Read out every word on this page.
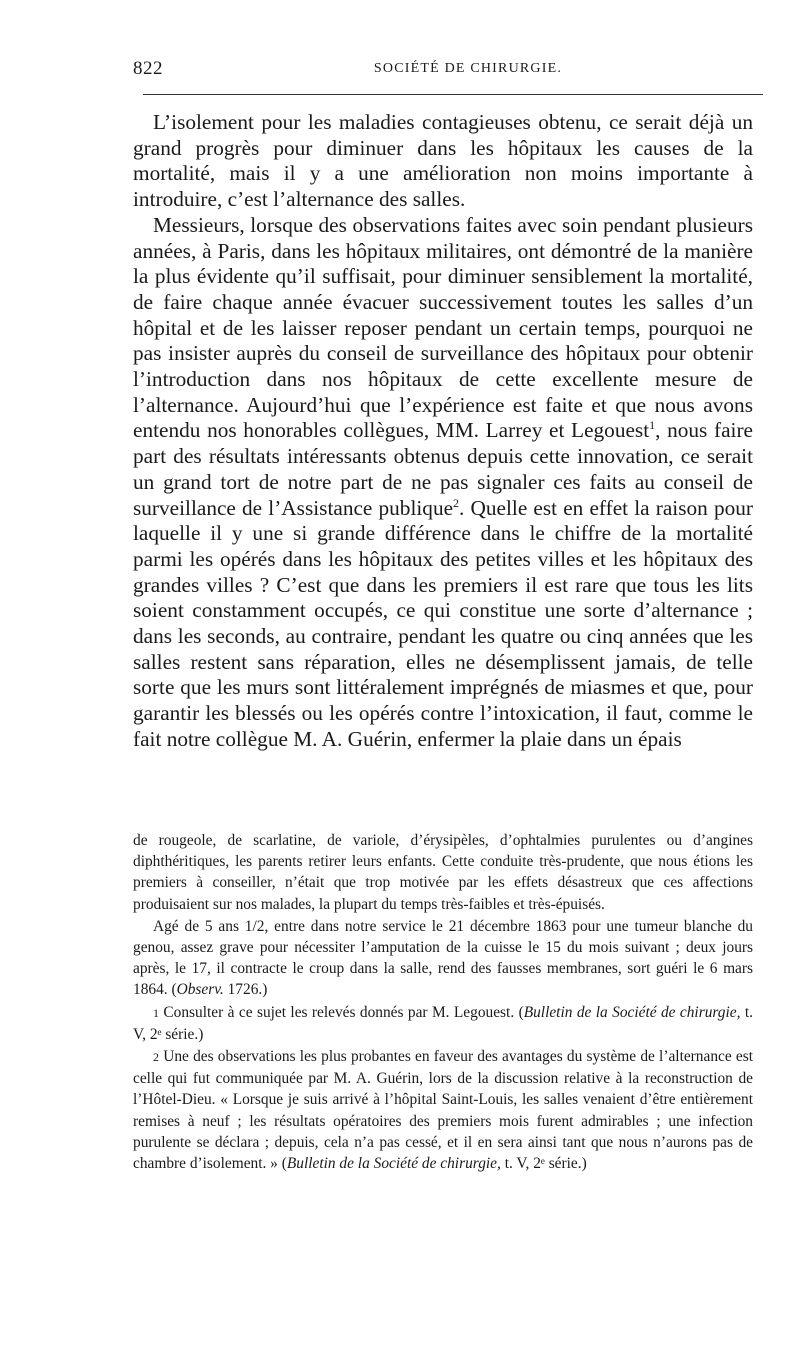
822	SOCIÉTÉ DE CHIRURGIE.

L’isolement pour les maladies contagieuses obtenu, ce serait déjà un grand progrès pour diminuer dans les hôpitaux les causes de la mortalité, mais il y a une amélioration non moins importante à introduire, c’est l’alternance des salles.

Messieurs, lorsque des observations faites avec soin pendant plusieurs années, à Paris, dans les hôpitaux militaires, ont démontré de la manière la plus évidente qu’il suffisait, pour diminuer sensiblement la mortalité, de faire chaque année évacuer successivement toutes les salles d’un hôpital et de les laisser reposer pendant un certain temps, pourquoi ne pas insister auprès du conseil de surveillance des hôpitaux pour obtenir l’introduction dans nos hôpitaux de cette excellente mesure de l’alternance. Aujourd’hui que l’expérience est faite et que nous avons entendu nos honorables collègues, MM. Larrey et Legouest$^1$, nous faire part des résultats intéressants obtenus depuis cette innovation, ce serait un grand tort de notre part de ne pas signaler ces faits au conseil de surveillance de l’Assistance publique$^2$. Quelle est en effet la raison pour laquelle il y une si grande différence dans le chiffre de la mortalité parmi les opérés dans les hôpitaux des petites villes et les hôpitaux des grandes villes ? C’est que dans les premiers il est rare que tous les lits soient constamment occupés, ce qui constitue une sorte d’alternance ; dans les seconds, au contraire, pendant les quatre ou cinq années que les salles restent sans réparation, elles ne désemplissent jamais, de telle sorte que les murs sont littéralement imprégnés de miasmes et que, pour garantir les blessés ou les opérés contre l’intoxication, il faut, comme le fait notre collègue M. A. Guérin, enfermer la plaie dans un épais

de rougeole, de scarlatine, de variole, d’érysipèles, d’ophtalmies purulentes ou d’angines diphthéritiques, les parents retirer leurs enfants. Cette conduite très-prudente, que nous étions les premiers à conseiller, n’était que trop motivée par les effets désastreux que ces affections produisaient sur nos malades, la plupart du temps très-faibles et très-épuisés.

Agé de 5 ans 1/2, entre dans notre service le 21 décembre 1863 pour une tumeur blanche du genou, assez grave pour nécessiter l’amputation de la cuisse le 15 du mois suivant ; deux jours après, le 17, il contracte le croup dans la salle, rend des fausses membranes, sort guéri le 6 mars 1864. (Observ. 1726.)

1 Consulter à ce sujet les relevés donnés par M. Legouest. (Bulletin de la Société de chirurgie, t. V, 2ᵉ série.)

2 Une des observations les plus probantes en faveur des avantages du système de l’alternance est celle qui fut communiquée par M. A. Guérin, lors de la discussion relative à la reconstruction de l’Hôtel-Dieu. « Lorsque je suis arrivé à l’hôpital Saint-Louis, les salles venaient d’être entièrement remises à neuf ; les résultats opératoires des premiers mois furent admirables ; une infection purulente se déclara ; depuis, cela n’a pas cessé, et il en sera ainsi tant que nous n’aurons pas de chambre d’isolement. » (Bulletin de la Société de chirurgie, t. V, 2ᵉ série.)
